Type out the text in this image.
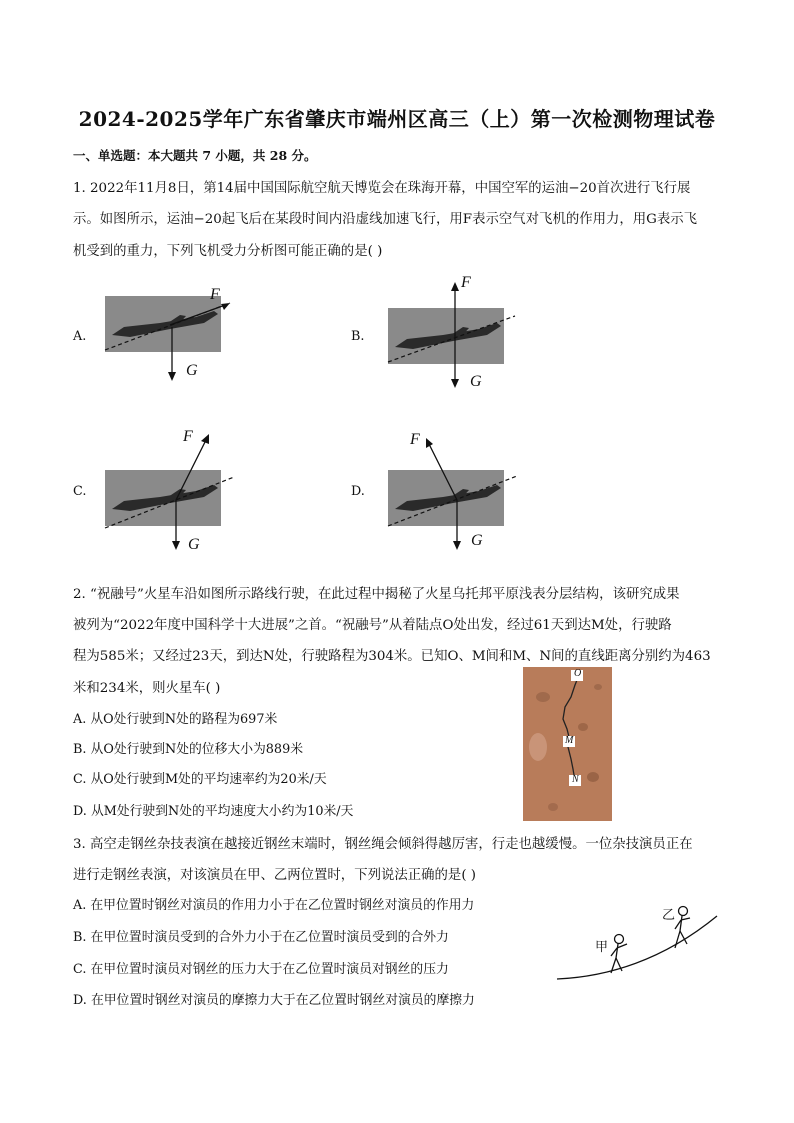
2024-2025学年广东省肇庆市端州区高三（上）第一次检测物理试卷
一、单选题：本大题共 7 小题，共 28 分。
1. 2022年11月8日，第14届中国国际航空航天博览会在珠海开幕，中国空军的运油−20首次进行飞行展
示。如图所示，运油−20起飞后在某段时间内沿虚线加速飞行，用F表示空气对飞机的作用力，用G表示飞
机受到的重力，下列飞机受力分析图可能正确的是( )
A.
F
G
B.
F
G
C.
F
G
D.
F
G
2. “祝融号”火星车沿如图所示路线行驶，在此过程中揭秘了火星乌托邦平原浅表分层结构，该研究成果
被列为“2022年度中国科学十大进展”之首。“祝融号”从着陆点O处出发，经过61天到达M处，行驶路
程为585米；又经过23天，到达N处，行驶路程为304米。已知O、M间和M、N间的直线距离分别约为463
米和234米，则火星车( )
A. 从O处行驶到N处的路程为697米
B. 从O处行驶到N处的位移大小为889米
C. 从O处行驶到M处的平均速率约为20米/天
D. 从M处行驶到N处的平均速度大小约为10米/天
O
M
N
3. 高空走钢丝杂技表演在越接近钢丝末端时，钢丝绳会倾斜得越厉害，行走也越缓慢。一位杂技演员正在
进行走钢丝表演，对该演员在甲、乙两位置时，下列说法正确的是( )
A. 在甲位置时钢丝对演员的作用力小于在乙位置时钢丝对演员的作用力
B. 在甲位置时演员受到的合外力小于在乙位置时演员受到的合外力
C. 在甲位置时演员对钢丝的压力大于在乙位置时演员对钢丝的压力
D. 在甲位置时钢丝对演员的摩擦力大于在乙位置时钢丝对演员的摩擦力
甲
乙
